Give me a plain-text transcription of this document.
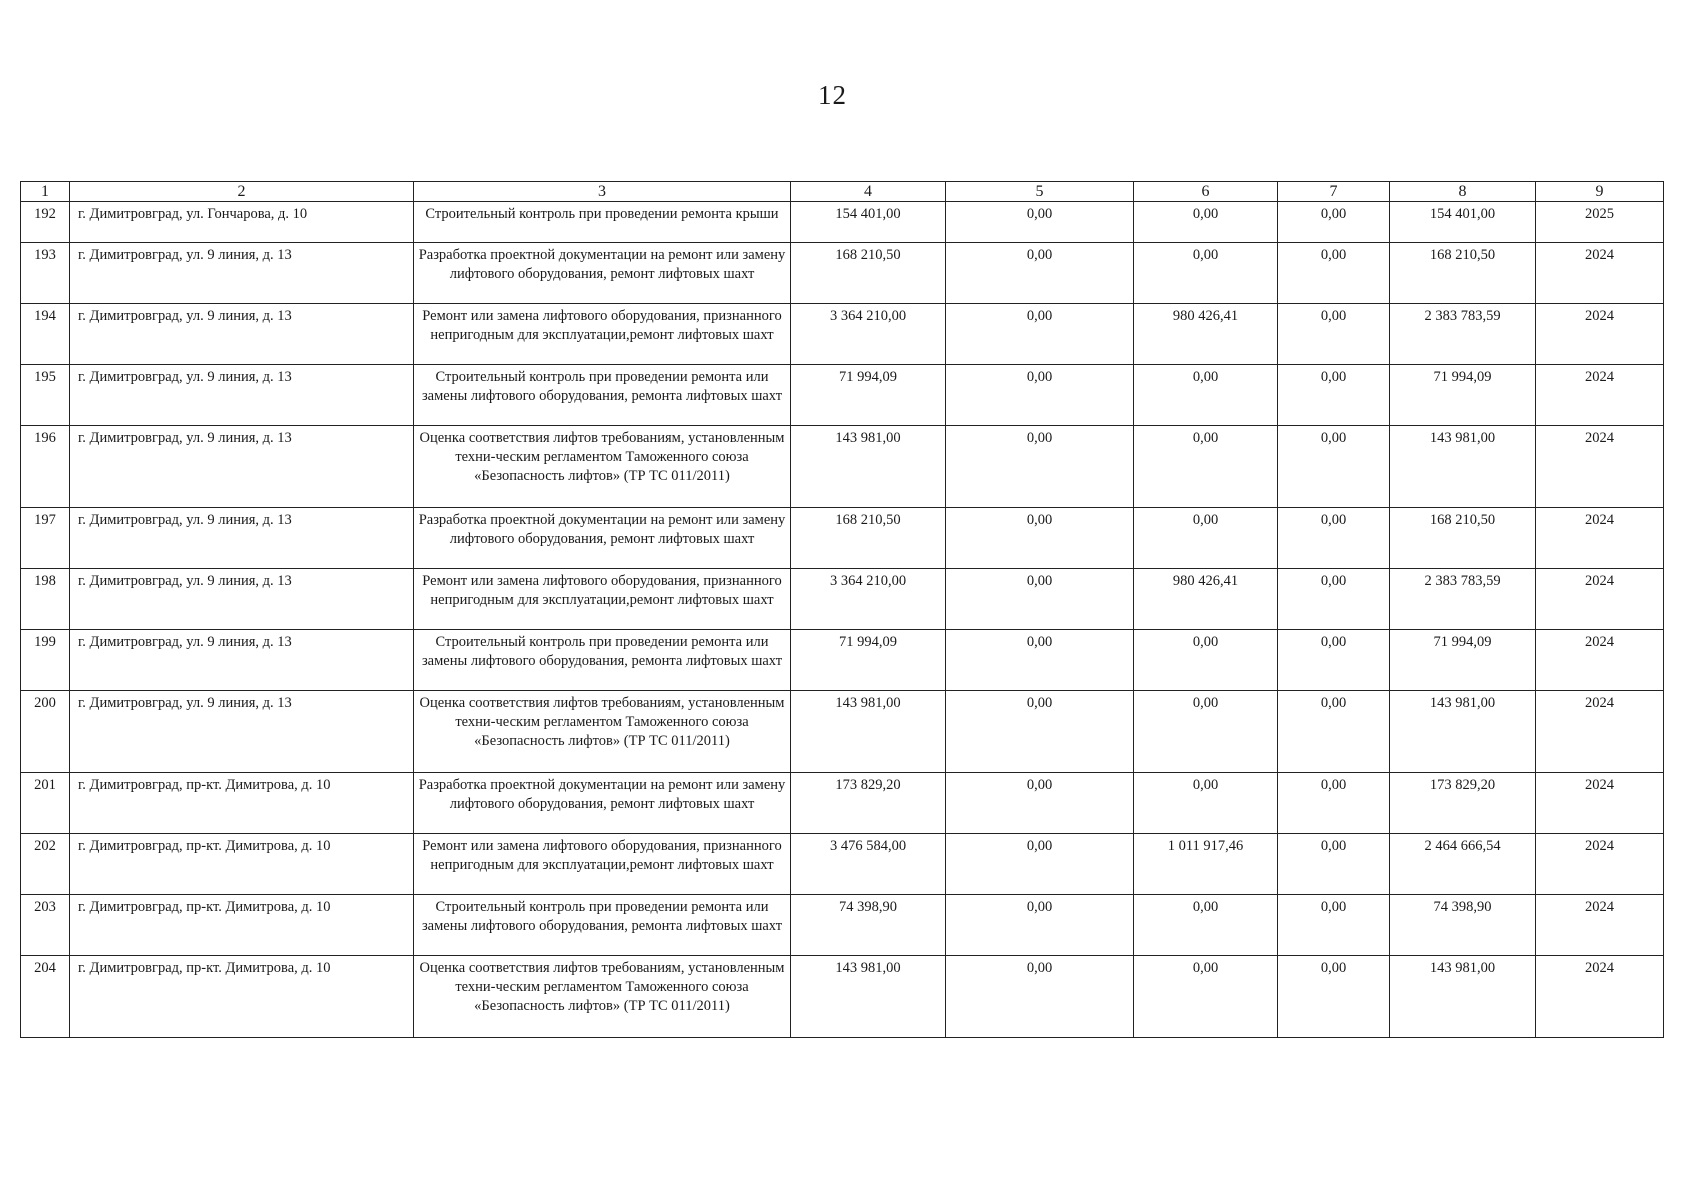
12
1	2	3	4	5	6	7	8	9
192	г. Димитровград, ул. Гончарова, д. 10	Строительный контроль при проведении ремонта крыши	154 401,00	0,00	0,00	0,00	154 401,00	2025
193	г. Димитровград, ул. 9 линия, д. 13	Разработка проектной документации на ремонт или замену лифтового оборудования, ремонт лифтовых шахт	168 210,50	0,00	0,00	0,00	168 210,50	2024
194	г. Димитровград, ул. 9 линия, д. 13	Ремонт или замена лифтового оборудования, признанного непригодным для эксплуатации,ремонт лифтовых шахт	3 364 210,00	0,00	980 426,41	0,00	2 383 783,59	2024
195	г. Димитровград, ул. 9 линия, д. 13	Строительный контроль при проведении ремонта или замены лифтового оборудования, ремонта лифтовых шахт	71 994,09	0,00	0,00	0,00	71 994,09	2024
196	г. Димитровград, ул. 9 линия, д. 13	Оценка соответствия лифтов требованиям, установленным техни-ческим регламентом Таможенного союза «Безопасность лифтов» (ТР ТС 011/2011)	143 981,00	0,00	0,00	0,00	143 981,00	2024
197	г. Димитровград, ул. 9 линия, д. 13	Разработка проектной документации на ремонт или замену лифтового оборудования, ремонт лифтовых шахт	168 210,50	0,00	0,00	0,00	168 210,50	2024
198	г. Димитровград, ул. 9 линия, д. 13	Ремонт или замена лифтового оборудования, признанного непригодным для эксплуатации,ремонт лифтовых шахт	3 364 210,00	0,00	980 426,41	0,00	2 383 783,59	2024
199	г. Димитровград, ул. 9 линия, д. 13	Строительный контроль при проведении ремонта или замены лифтового оборудования, ремонта лифтовых шахт	71 994,09	0,00	0,00	0,00	71 994,09	2024
200	г. Димитровград, ул. 9 линия, д. 13	Оценка соответствия лифтов требованиям, установленным техни-ческим регламентом Таможенного союза «Безопасность лифтов» (ТР ТС 011/2011)	143 981,00	0,00	0,00	0,00	143 981,00	2024
201	г. Димитровград, пр-кт. Димитрова, д. 10	Разработка проектной документации на ремонт или замену лифтового оборудования, ремонт лифтовых шахт	173 829,20	0,00	0,00	0,00	173 829,20	2024
202	г. Димитровград, пр-кт. Димитрова, д. 10	Ремонт или замена лифтового оборудования, признанного непригодным для эксплуатации,ремонт лифтовых шахт	3 476 584,00	0,00	1 011 917,46	0,00	2 464 666,54	2024
203	г. Димитровград, пр-кт. Димитрова, д. 10	Строительный контроль при проведении ремонта или замены лифтового оборудования, ремонта лифтовых шахт	74 398,90	0,00	0,00	0,00	74 398,90	2024
204	г. Димитровград, пр-кт. Димитрова, д. 10	Оценка соответствия лифтов требованиям, установленным техни-ческим регламентом Таможенного союза «Безопасность лифтов» (ТР ТС 011/2011)	143 981,00	0,00	0,00	0,00	143 981,00	2024
